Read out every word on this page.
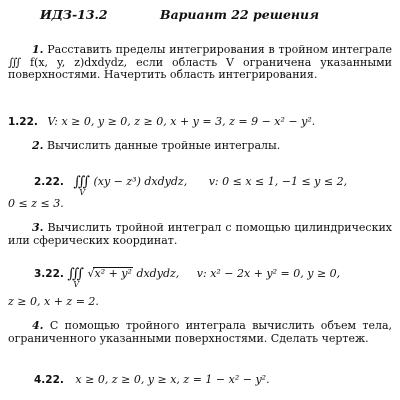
ИДЗ-13.2	Вариант 22 решения
1. Расставить пределы интегрирования в тройном интеграле ∭ f(x, y, z)dxdydz, если область V ограничена указанными поверхностями. Начертить область интегрирования.
1.22. V: x ≥ 0, y ≥ 0, z ≥ 0, x + y = 3, z = 9 − x² − y².
2. Вычислить данные тройные интегралы.
2.22. ∭
V
(xy − z³) dxdydz, v: 0 ≤ x ≤ 1, −1 ≤ y ≤ 2,
0 ≤ z ≤ 3.
3. Вычислить тройной интеграл с помощью цилиндрических или сферических координат.
3.22. ∭
V
√x² + y² dxdydz, v: x² − 2x + y² = 0, y ≥ 0,
z ≥ 0, x + z = 2.
4. С помощью тройного интеграла вычислить объем тела, ограниченного указанными поверхностями. Сделать чертеж.
4.22. x ≥ 0, z ≥ 0, y ≥ x, z = 1 − x² − y².
